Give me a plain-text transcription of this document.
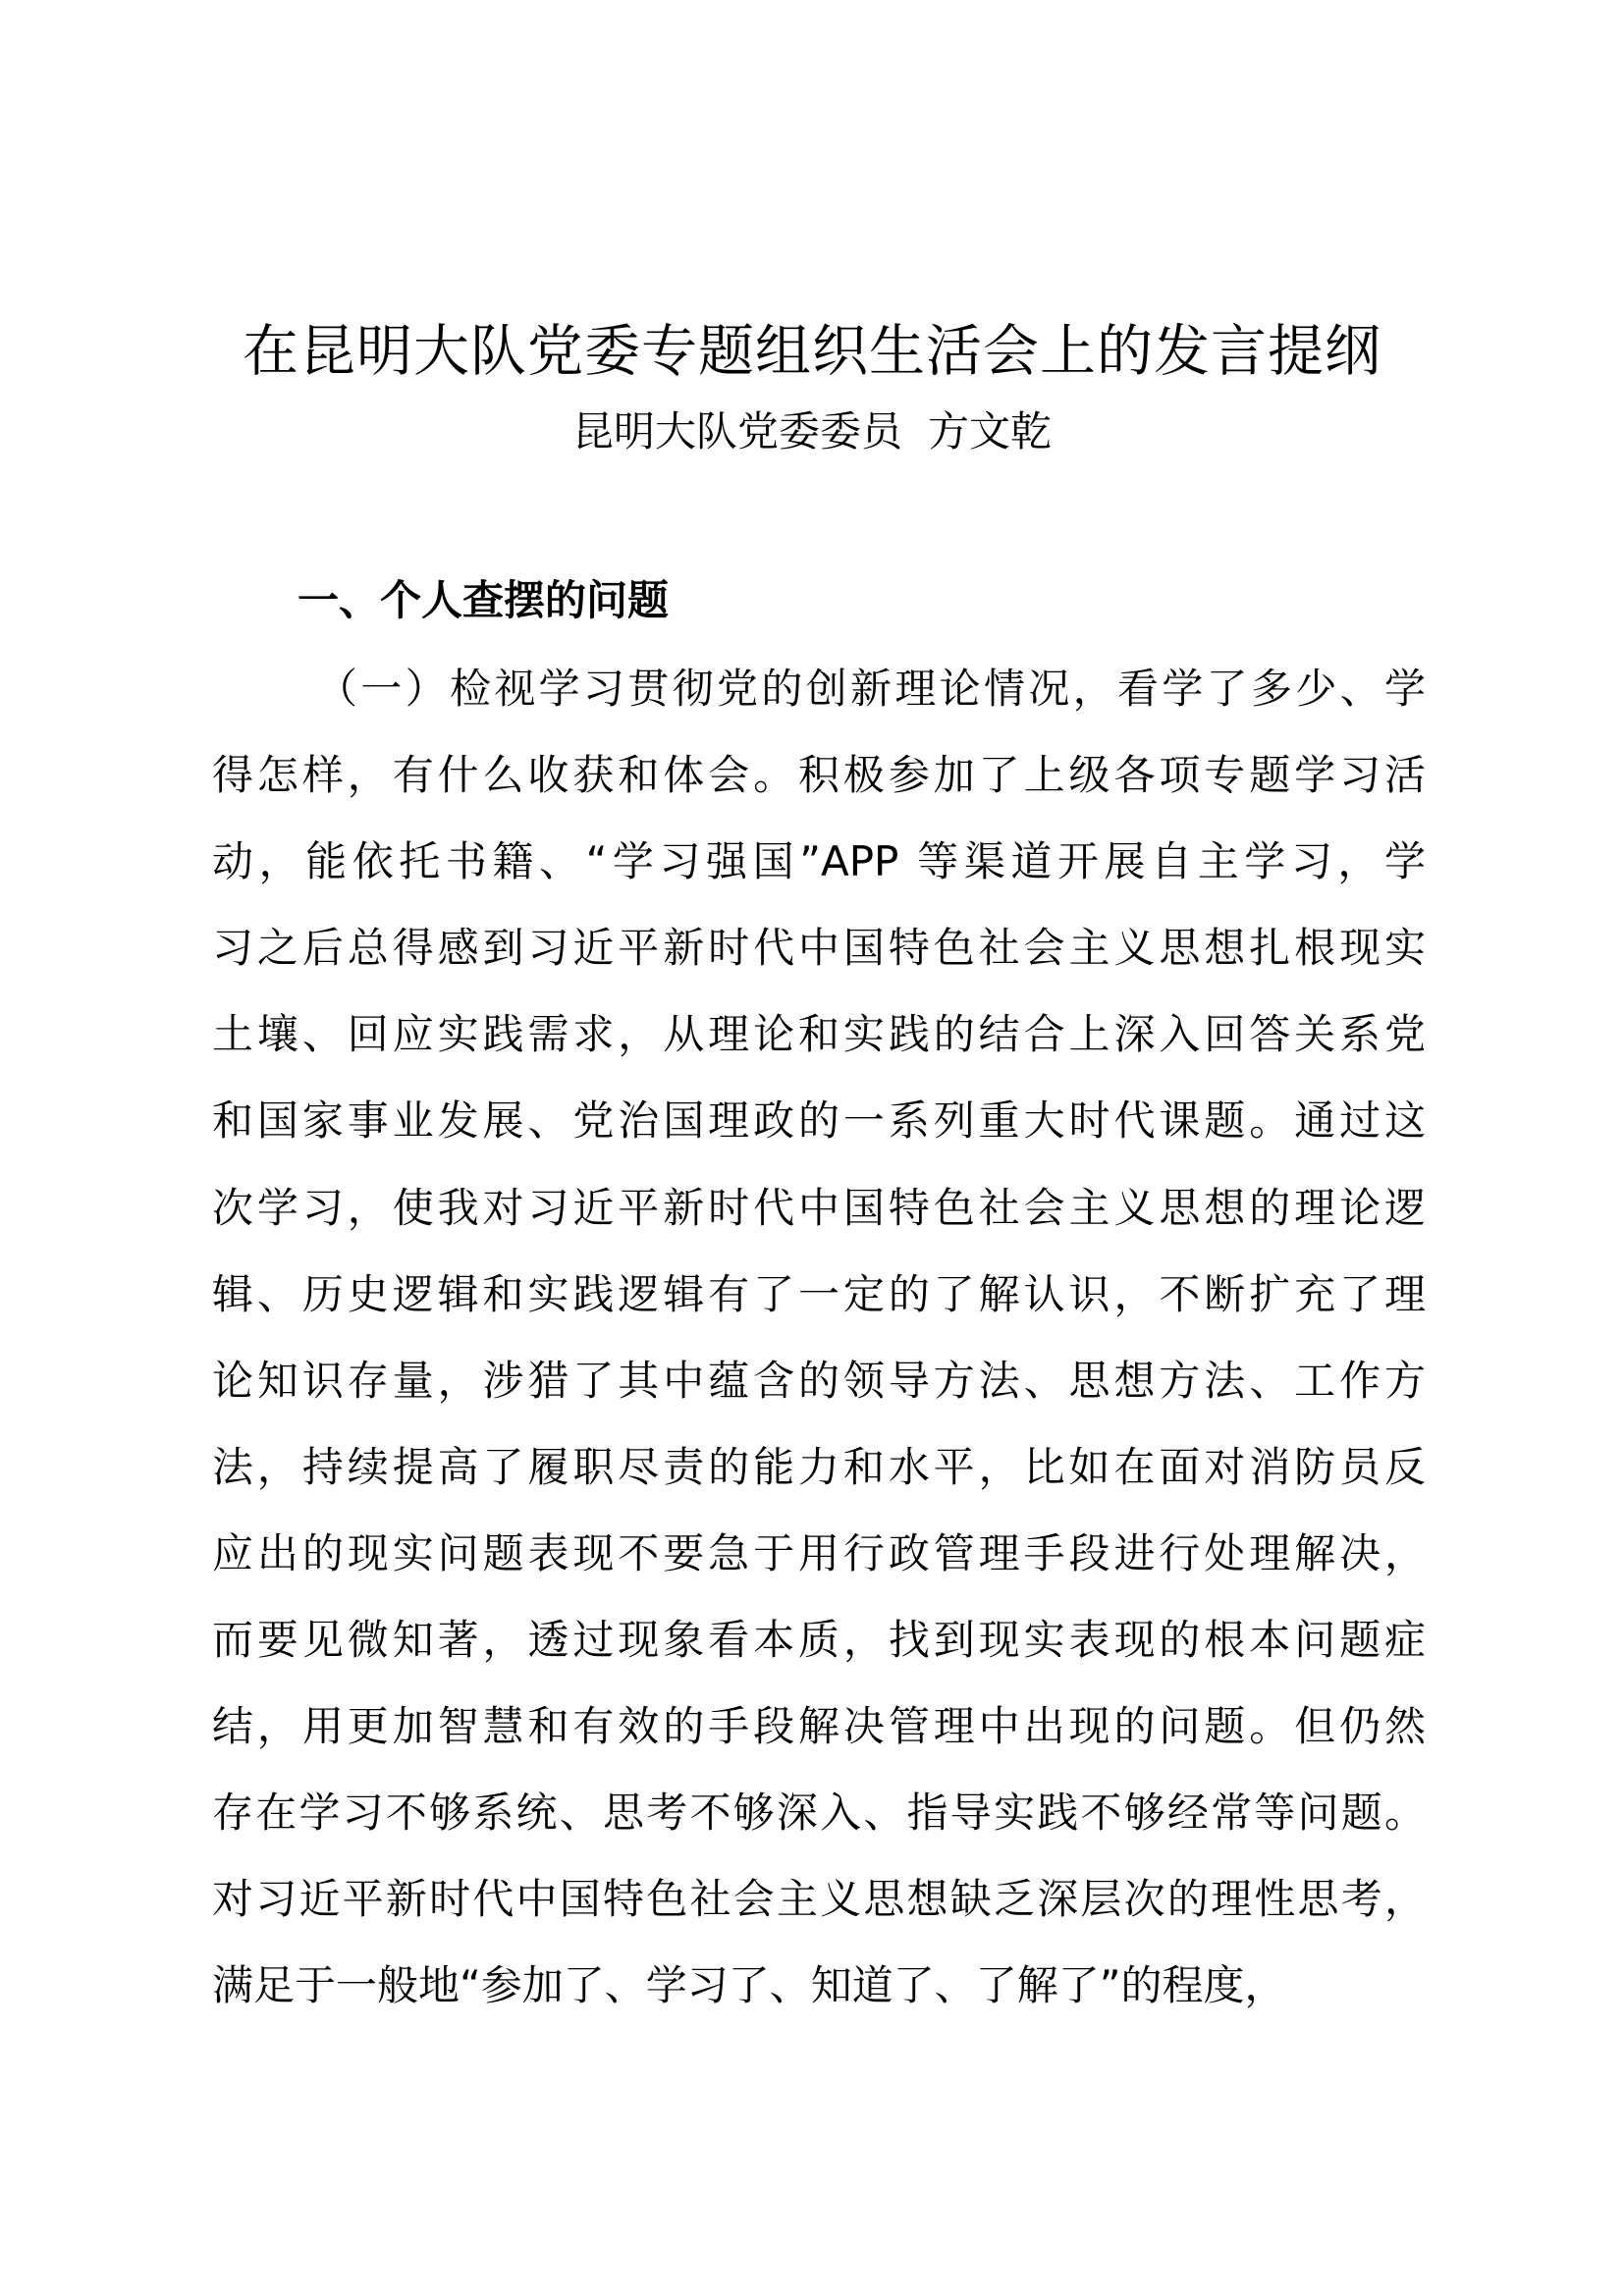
在昆明大队党委专题组织生活会上的发言提纲

昆明大队党委委员 方文乾

一、个人查摆的问题
（一）检视学习贯彻党的创新理论情况，看学了多少、学
得怎样，有什么收获和体会。积极参加了上级各项专题学习活
动，能依托书籍、“学习强国”APP 等渠道开展自主学习，学
习之后总得感到习近平新时代中国特色社会主义思想扎根现实
土壤、回应实践需求，从理论和实践的结合上深入回答关系党
和国家事业发展、党治国理政的一系列重大时代课题。通过这
次学习，使我对习近平新时代中国特色社会主义思想的理论逻
辑、历史逻辑和实践逻辑有了一定的了解认识，不断扩充了理
论知识存量，涉猎了其中蕴含的领导方法、思想方法、工作方
法，持续提高了履职尽责的能力和水平，比如在面对消防员反
应出的现实问题表现不要急于用行政管理手段进行处理解决，
而要见微知著，透过现象看本质，找到现实表现的根本问题症
结，用更加智慧和有效的手段解决管理中出现的问题。但仍然
存在学习不够系统、思考不够深入、指导实践不够经常等问题。
对习近平新时代中国特色社会主义思想缺乏深层次的理性思考，
满足于一般地“参加了、学习了、知道了、了解了”的程度，
